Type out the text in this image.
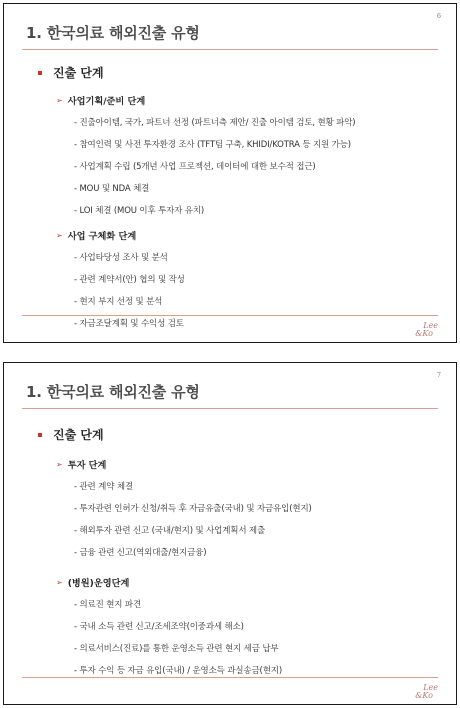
6
1. 한국의료 해외진출 유형
진출 단계
➢ 사업기획/준비 단계
- 진출아이템, 국가, 파트너 선정 (파트너측 제안/ 진출 아이템 검토, 현황 파악)
- 참여인력 및 사전 투자환경 조사 (TFT팀 구축, KHIDI/KOTRA 등 지원 가능)
- 사업계획 수립 (5개년 사업 프로젝션, 데이터에 대한 보수적 접근)
- MOU 및 NDA 체결
- LOI 체결 (MOU 이후 투자자 유치)
➢ 사업 구체화 단계
- 사업타당성 조사 및 분석
- 관련 계약서(안) 협의 및 작성
- 현지 부지 선정 및 분석
- 자금조달계획 및 수익성 검토	Lee
&Ko
7
1. 한국의료 해외진출 유형
진출 단계
➢ 투자 단계
- 관련 계약 체결
- 투자관련 인허가 신청/취득 후 자금유출(국내) 및 자금유입(현지)
- 해외투자 관련 신고 (국내/현지) 및 사업계획서 제출
- 금융 관련 신고(역외대출/현지금융)
➢ (병원)운영단계
- 의료진 현지 파견
- 국내 소득 관련 신고/조세조약(이중과세 해소)
- 의료서비스(진료)를 통한 운영소득 관련 현지 세금 납부
- 투자 수익 등 자금 유입(국내) / 운영소득 과실송금(현지)
Lee
&Ko
